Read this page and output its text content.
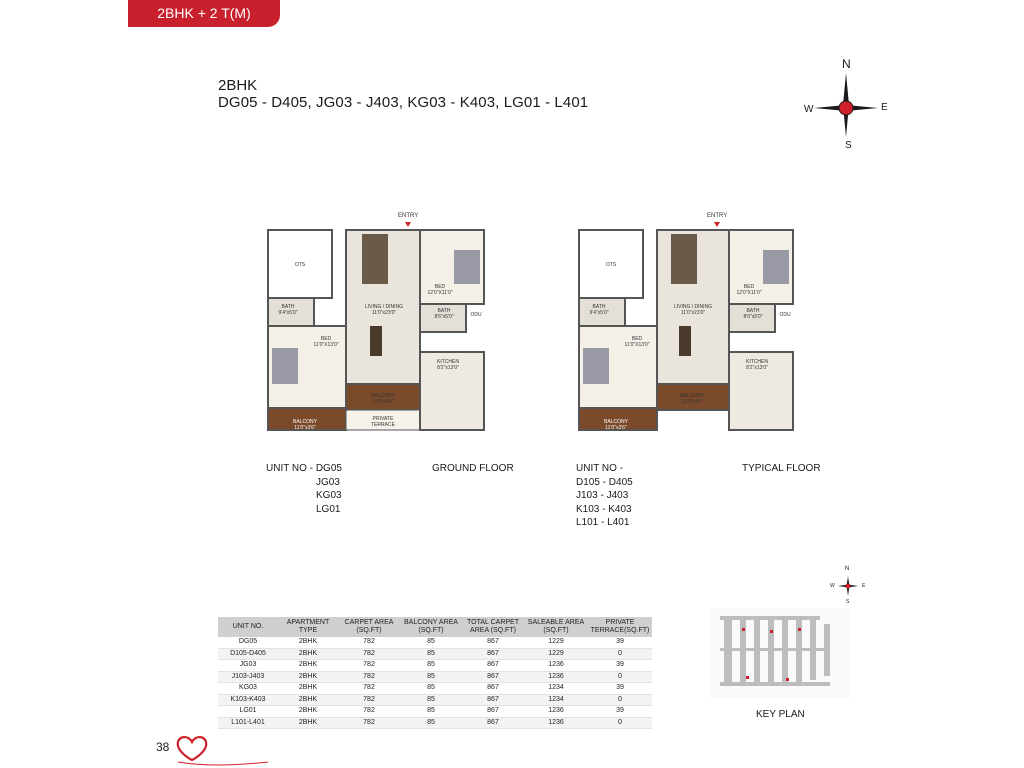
2BHK + 2 T(M)
2BHK
DG05 - D405, JG03 - J403, KG03 - K403, LG01 - L401
N
S
E
W
ENTRY
OTS
BATH
9'4"x5'0"
BED
11'0"X13'0"
BALCONY
11'0"x3'6"
LIVING / DINING
11'0"x23'0"
BALCONY
11'0"x4'6"
PRIVATE
TERRACE
BED
12'0"X11'0"
BATH
8'6"x5'0"	ODU
KITCHEN
8'2"x13'0"
ENTRY
OTS
BATH
9'4"x5'0"
BED
11'0"X13'0"
BALCONY
11'0"x3'6"
LIVING / DINING
11'0"x23'0"
BALCONY
11'0"x4'6"
BED
12'0"X11'0"
BATH
8'6"x5'0"	ODU
KITCHEN
8'2"x13'0"
UNIT NO - DG05
JG03
KG03
LG01
GROUND FLOOR	UNIT NO -
D105 - D405
J103 - J403
K103 - K403
L101 - L401
TYPICAL FLOOR
UNIT NO.	APARTMENT TYPE	CARPET AREA (SQ.FT)	BALCONY AREA (SQ.FT)	TOTAL CARPET AREA (SQ.FT)	SALEABLE AREA (SQ.FT)	PRIVATE TERRACE(SQ.FT)
DG05	2BHK	782	85	867	1229	39
D105-D405	2BHK	782	85	867	1229	0
JG03	2BHK	782	85	867	1236	39
J103-J403	2BHK	782	85	867	1236	0
KG03	2BHK	782	85	867	1234	39
K103-K403	2BHK	782	85	867	1234	0
LG01	2BHK	782	85	867	1236	39
L101-L401	2BHK	782	85	867	1236	0
N
S
E
W
KEY PLAN
38
